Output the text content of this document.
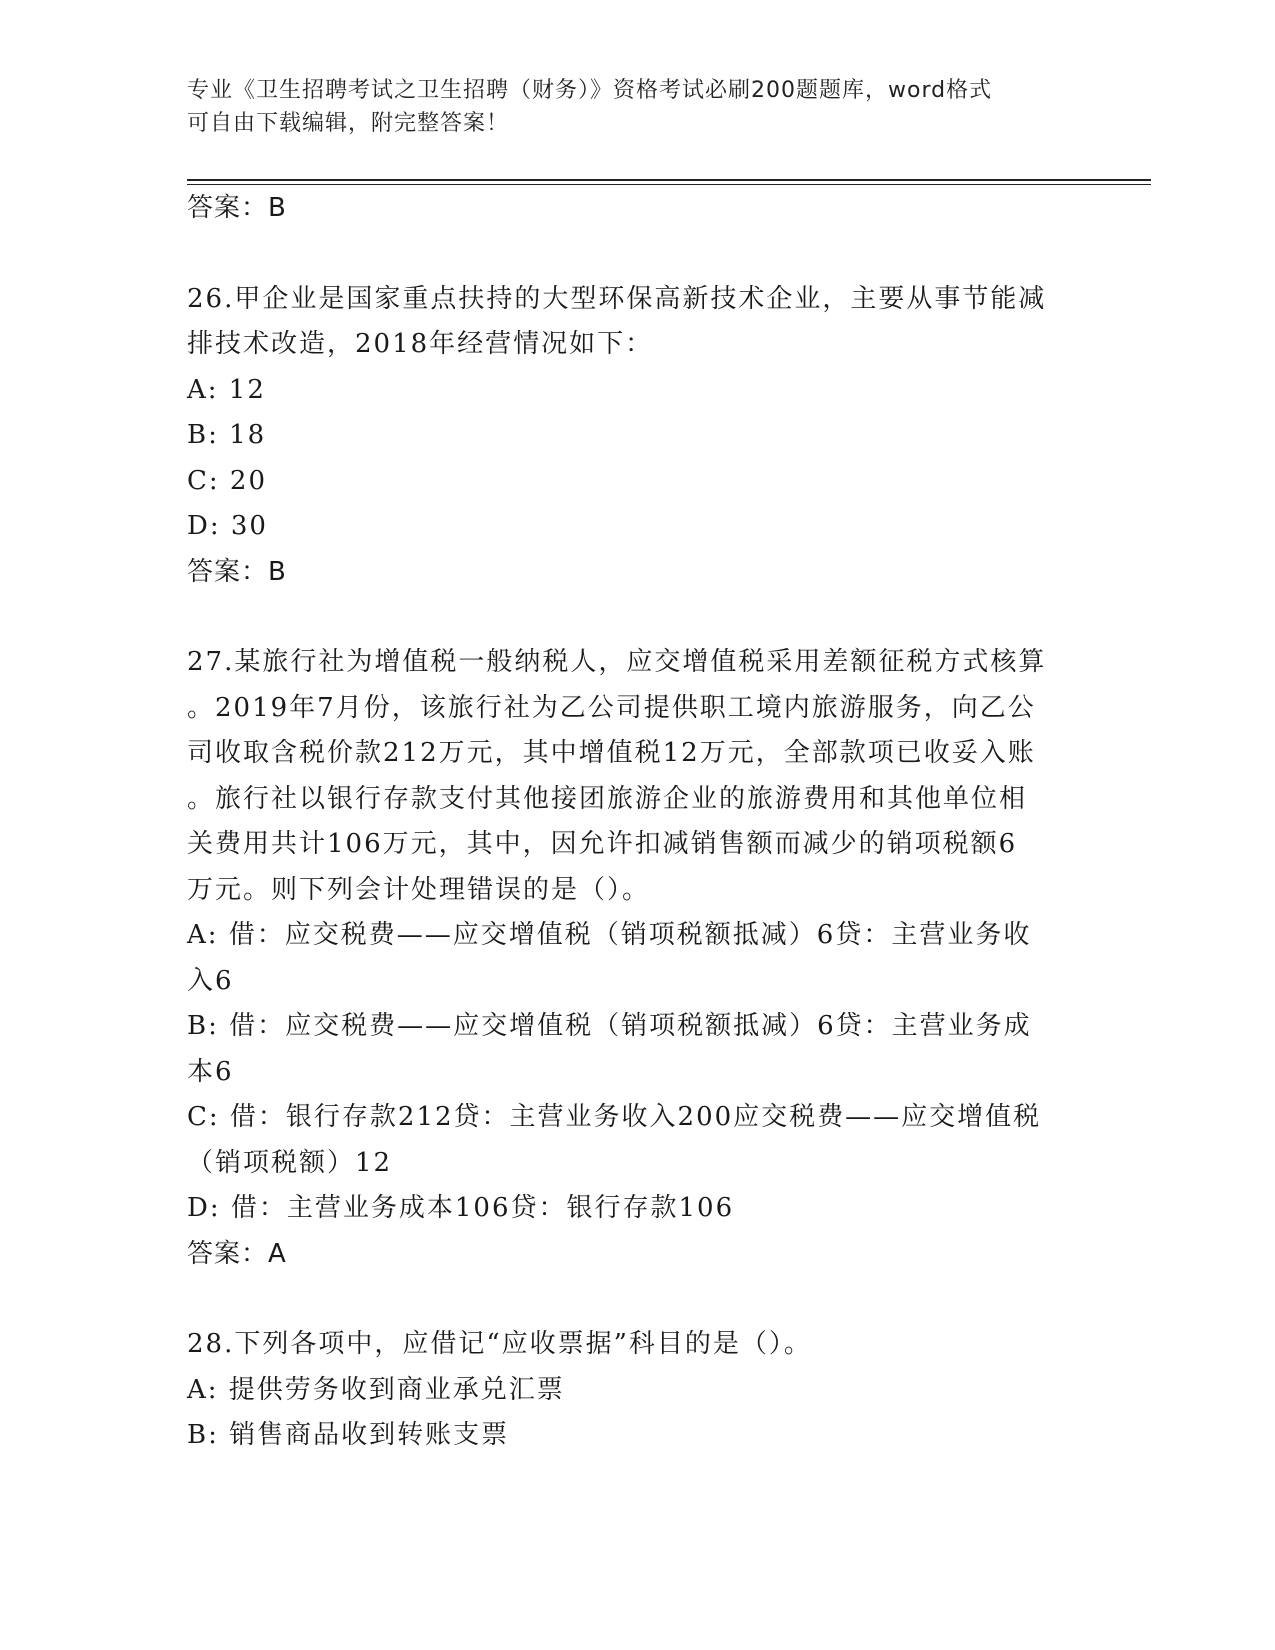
专业《卫生招聘考试之卫生招聘（财务）》资格考试必刷200题题库，word格式
可自由下载编辑，附完整答案！
答案：B
26.甲企业是国家重点扶持的大型环保高新技术企业，主要从事节能减
排技术改造，2018年经营情况如下：
A: 12
B: 18
C: 20
D: 30
答案：B
27.某旅行社为增值税一般纳税人，应交增值税采用差额征税方式核算
。2019年7月份，该旅行社为乙公司提供职工境内旅游服务，向乙公
司收取含税价款212万元，其中增值税12万元，全部款项已收妥入账
。旅行社以银行存款支付其他接团旅游企业的旅游费用和其他单位相
关费用共计106万元，其中，因允许扣减销售额而减少的销项税额6
万元。则下列会计处理错误的是（）。
A: 借：应交税费——应交增值税（销项税额抵减）6贷：主营业务收
入6
B: 借：应交税费——应交增值税（销项税额抵减）6贷：主营业务成
本6
C: 借：银行存款212贷：主营业务收入200应交税费——应交增值税
（销项税额）12
D: 借：主营业务成本106贷：银行存款106
答案：A
28.下列各项中，应借记“应收票据”科目的是（）。
A: 提供劳务收到商业承兑汇票
B: 销售商品收到转账支票
